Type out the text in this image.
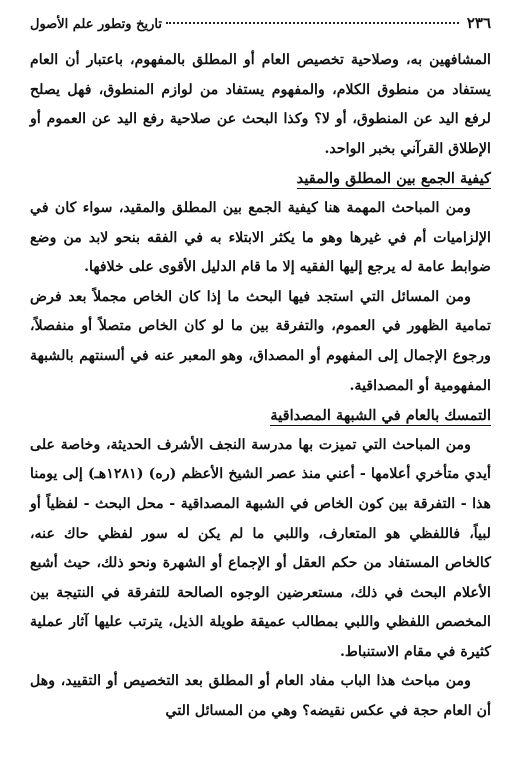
٢٣٦
تاريخ وتطور علم الأصول

المشافهين به، وصلاحية تخصيص العام أو المطلق بالمفهوم، باعتبار أن العام يستفاد من منطوق الكلام، والمفهوم يستفاد من لوازم المنطوق، فهل يصلح لرفع اليد عن المنطوق، أو لا؟ وكذا البحث عن صلاحية رفع اليد عن العموم أو الإطلاق القرآني بخبر الواحد.

كيفية الجمع بين المطلق والمقيد

ومن المباحث المهمة هنا كيفية الجمع بين المطلق والمقيد، سواء كان في الإلزاميات أم في غيرها وهو ما يكثر الابتلاء به في الفقه بنحو لابد من وضع ضوابط عامة له يرجع إليها الفقيه إلا ما قام الدليل الأقوى على خلافها.

ومن المسائل التي استجد فيها البحث ما إذا كان الخاص مجملاً بعد فرض تمامية الظهور في العموم، والتفرقة بين ما لو كان الخاص متصلاً أو منفصلاً، ورجوع الإجمال إلى المفهوم أو المصداق، وهو المعبر عنه في ألسنتهم بالشبهة المفهومية أو المصداقية.

التمسك بالعام في الشبهة المصداقية

ومن المباحث التي تميزت بها مدرسة النجف الأشرف الحديثة، وخاصة على أيدي متأخري أعلامها - أعني منذ عصر الشيخ الأعظم (ره) (١٢٨١هـ) إلى يومنا هذا - التفرقة بين كون الخاص في الشبهة المصداقية - محل البحث - لفظياً أو لبياً، فاللفظي هو المتعارف، واللبي ما لم يكن له سور لفظي حاك عنه، كالخاص المستفاد من حكم العقل أو الإجماع أو الشهرة ونحو ذلك، حيث أشبع الأعلام البحث في ذلك، مستعرضين الوجوه الصالحة للتفرقة في النتيجة بين المخصص اللفظي واللبي بمطالب عميقة طويلة الذيل، يترتب عليها آثار عملية كثيرة في مقام الاستنباط.

ومن مباحث هذا الباب مفاد العام أو المطلق بعد التخصيص أو التقييد، وهل أن العام حجة في عكس نقيضه؟ وهي من المسائل التي
